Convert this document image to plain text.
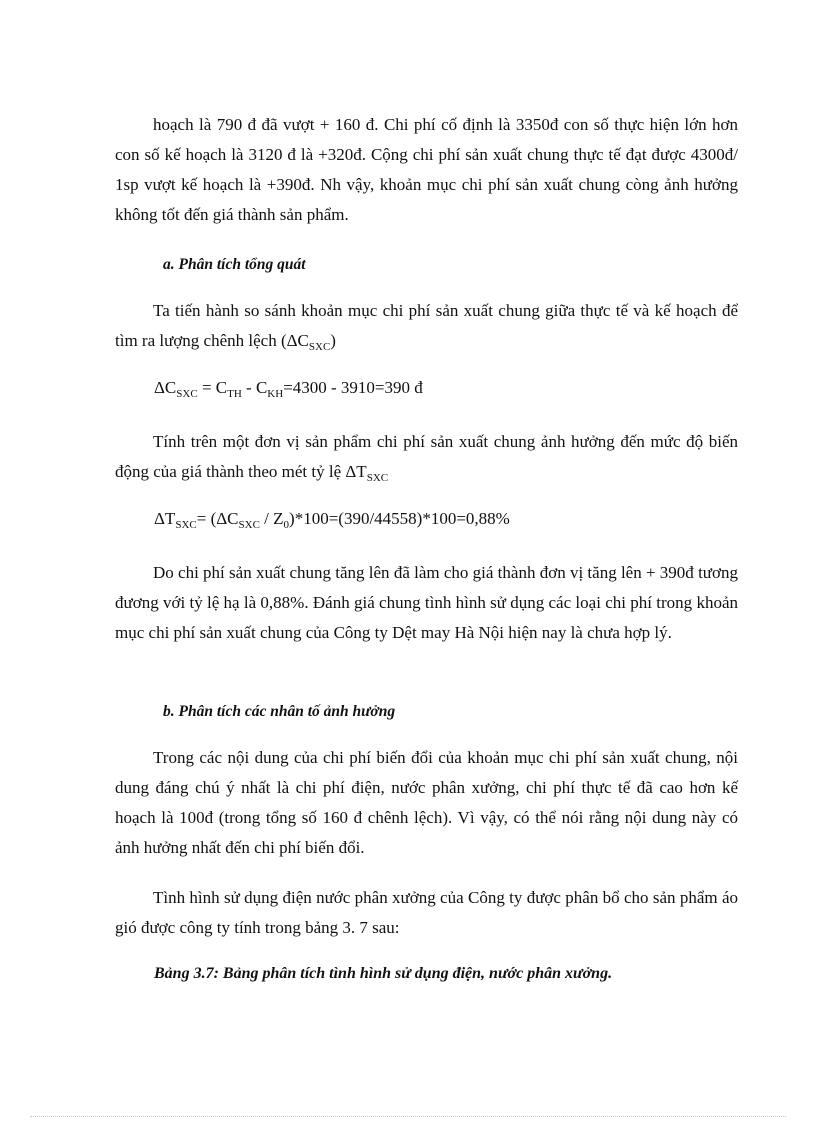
hoạch là 790 đ đã vượt + 160 đ. Chi phí cố định là 3350đ con số thực hiện lớn hơn con số kế hoạch là 3120 đ là +320đ. Cộng chi phí sản xuất chung thực tế đạt được 4300đ/ 1sp vượt kế hoạch là +390đ. Nh vậy, khoản mục chi phí sản xuất chung còng ảnh hưởng không tốt đến giá thành sản phẩm.

a. Phân tích tổng quát

Ta tiến hành so sánh khoản mục chi phí sản xuất chung giữa thực tế và kế hoạch để tìm ra lượng chênh lệch $(\Delta C_{SXC})$

$\Delta C_{SXC} = C_{TH} - C_{KH}=4300 - 3910=390$ đ

Tính trên một đơn vị sản phẩm chi phí sản xuất chung ảnh hưởng đến mức độ biến động của giá thành theo mét tỷ lệ $\Delta T_{SXC}$

$\Delta T_{SXC}= (\Delta C_{SXC} / Z_0)*100=(390/44558)*100=0,88\%$

Do chi phí sản xuất chung tăng lên đã làm cho giá thành đơn vị tăng lên + 390đ tương đương với tỷ lệ hạ là 0,88%. Đánh giá chung tình hình sử dụng các loại chi phí trong khoản mục chi phí sản xuất chung của Công ty Dệt may Hà Nội hiện nay là chưa hợp lý.

b. Phân tích các nhân tố ảnh hưởng

Trong các nội dung của chi phí biến đổi của khoản mục chi phí sản xuất chung, nội dung đáng chú ý nhất là chi phí điện, nước phân xưởng, chi phí thực tế đã cao hơn kế hoạch là 100đ (trong tổng số 160 đ chênh lệch). Vì vậy, có thể nói rằng nội dung này có ảnh hưởng nhất đến chi phí biến đổi.

Tình hình sử dụng điện nước phân xưởng của Công ty được phân bổ cho sản phẩm áo gió được công ty tính trong bảng 3. 7 sau:

Bảng 3.7: Bảng phân tích tình hình sử dụng điện, nước phân xưởng.
